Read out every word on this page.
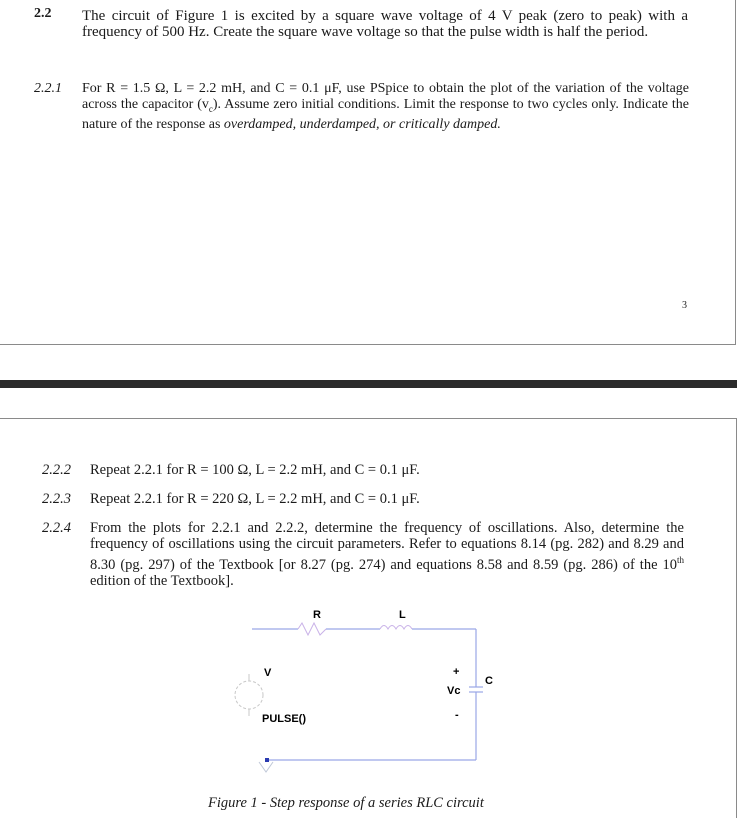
2.2 The circuit of Figure 1 is excited by a square wave voltage of 4 V peak (zero to peak) with a frequency of 500 Hz. Create the square wave voltage so that the pulse width is half the period.
2.2.1 For R = 1.5 Ω, L = 2.2 mH, and C = 0.1 μF, use PSpice to obtain the plot of the variation of the voltage across the capacitor $(v_c)$. Assume zero initial conditions. Limit the response to two cycles only. Indicate the nature of the response as overdamped, underdamped, or critically damped.
3
2.2.2 Repeat 2.2.1 for R = 100 Ω, L = 2.2 mH, and C = 0.1 μF.
2.2.3 Repeat 2.2.1 for R = 220 Ω, L = 2.2 mH, and C = 0.1 μF.
2.2.4 From the plots for 2.2.1 and 2.2.2, determine the frequency of oscillations. Also, determine the frequency of oscillations using the circuit parameters. Refer to equations 8.14 (pg. 282) and 8.29 and 8.30 (pg. 297) of the Textbook [or 8.27 (pg. 274) and equations 8.58 and 8.59 (pg. 286) of the 10th edition of the Textbook].
R	L
V
C
Vc
+
-
PULSE()
Figure 1 - Step response of a series RLC circuit
